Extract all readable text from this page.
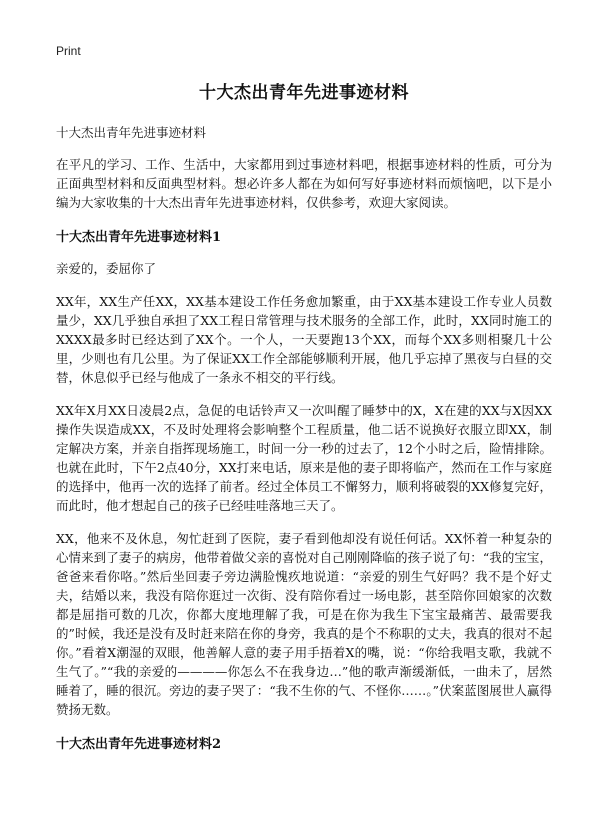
Print
十大杰出青年先进事迹材料
十大杰出青年先进事迹材料

在平凡的学习、工作、生活中，大家都用到过事迹材料吧，根据事迹材料的性质，可分为正面典型材料和反面典型材料。想必许多人都在为如何写好事迹材料而烦恼吧，以下是小编为大家收集的十大杰出青年先进事迹材料，仅供参考，欢迎大家阅读。

十大杰出青年先进事迹材料1

亲爱的，委屈你了

XX年，XX生产任XX，XX基本建设工作任务愈加繁重，由于XX基本建设工作专业人员数量少，XX几乎独自承担了XX工程日常管理与技术服务的全部工作，此时，XX同时施工的XXXX最多时已经达到了XX个。一个人，一天要跑13个XX，而每个XX多则相聚几十公里，少则也有几公里。为了保证XX工作全部能够顺利开展，他几乎忘掉了黑夜与白昼的交替，休息似乎已经与他成了一条永不相交的平行线。

XX年X月XX日凌晨2点，急促的电话铃声又一次叫醒了睡梦中的X，X在建的XX与X因XX操作失误造成XX，不及时处理将会影响整个工程质量，他二话不说换好衣服立即XX，制定解决方案，并亲自指挥现场施工，时间一分一秒的过去了，12个小时之后，险情排除。也就在此时，下午2点40分，XX打来电话，原来是他的妻子即将临产，然而在工作与家庭的选择中，他再一次的选择了前者。经过全体员工不懈努力，顺利将破裂的XX修复完好，而此时，他才想起自己的孩子已经哇哇落地三天了。

XX，他来不及休息，匆忙赶到了医院，妻子看到他却没有说任何话。XX怀着一种复杂的心情来到了妻子的病房，他带着做父亲的喜悦对自己刚刚降临的孩子说了句：“我的宝宝，爸爸来看你咯。”然后坐回妻子旁边满脸愧疚地说道：“亲爱的别生气好吗？我不是个好丈夫，结婚以来，我没有陪你逛过一次街、没有陪你看过一场电影，甚至陪你回娘家的次数都是屈指可数的几次，你都大度地理解了我，可是在你为我生下宝宝最痛苦、最需要我的”时候，我还是没有及时赶来陪在你的身旁，我真的是个不称职的丈夫，我真的很对不起你。”看着X潮湿的双眼，他善解人意的妻子用手捂着X的嘴，说：“你给我唱支歌，我就不生气了。”“我的亲爱的————你怎么不在我身边…”他的歌声渐缓渐低，一曲未了，居然睡着了，睡的很沉。旁边的妻子哭了：“我不生你的气、不怪你……。”伏案蓝图展世人赢得赞扬无数。

十大杰出青年先进事迹材料2
